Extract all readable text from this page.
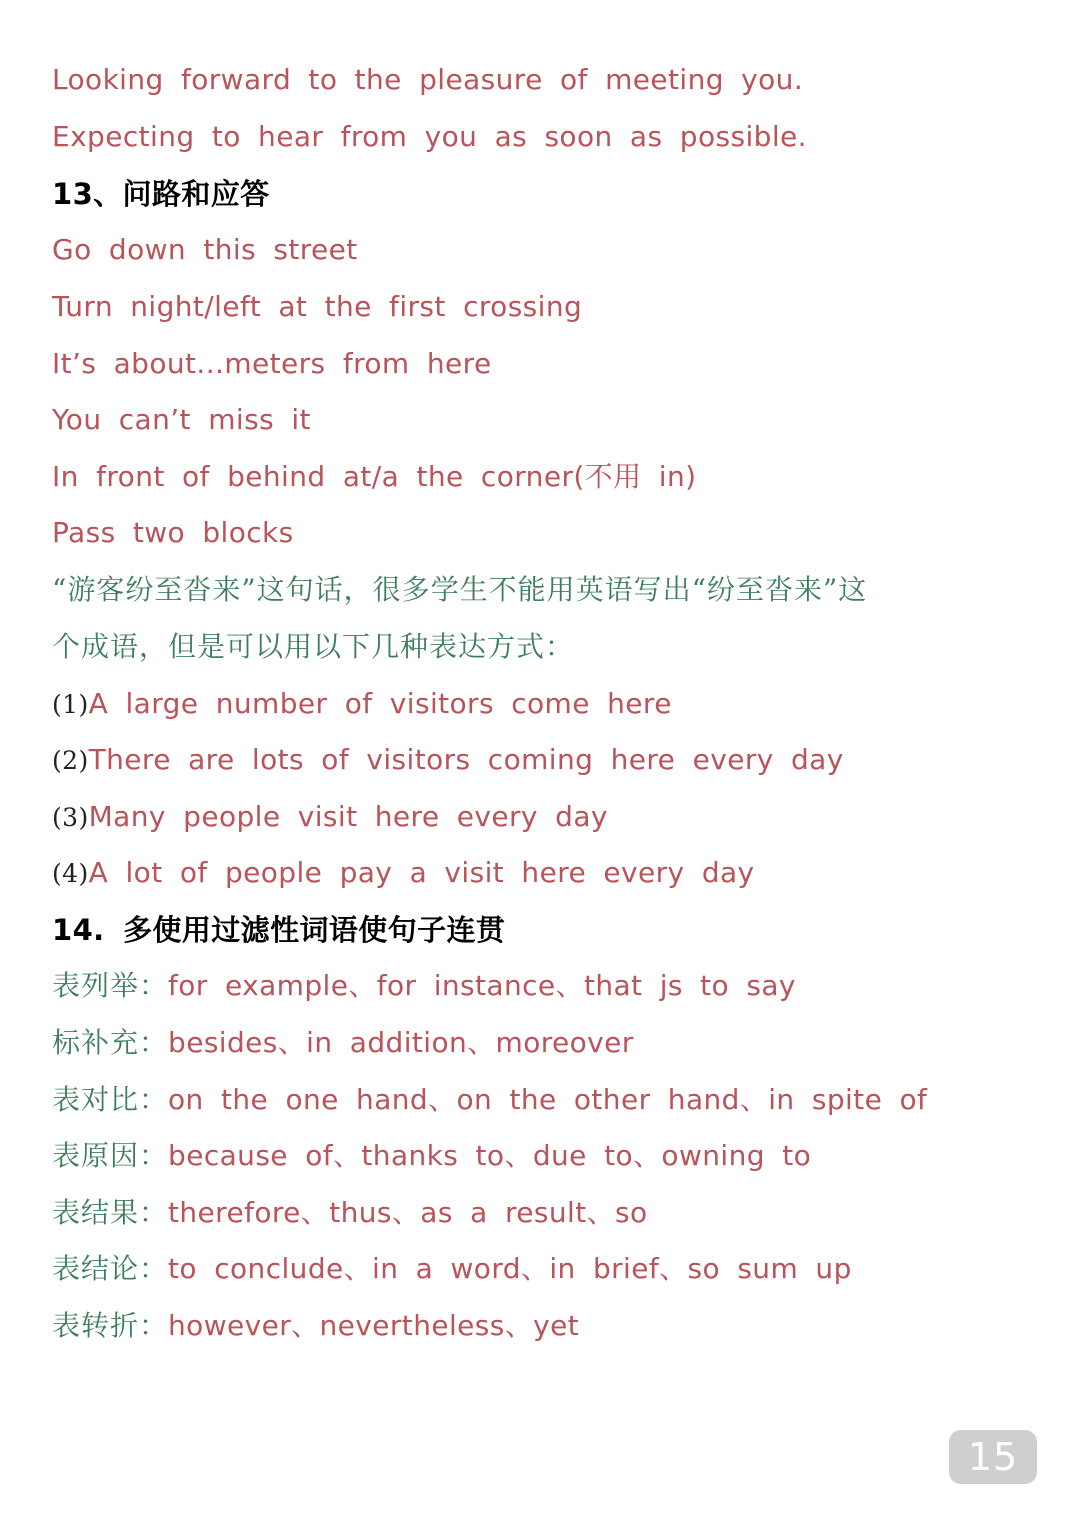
Looking forward to the pleasure of meeting you.
Expecting to hear from you as soon as possible.
13、问路和应答
Go down this street
Turn night/left at the first crossing
It’s about...meters from here
You can’t miss it
In front of behind at/a the corner(不用 in)
Pass two blocks
“游客纷至沓来”这句话，很多学生不能用英语写出“纷至沓来”这
个成语，但是可以用以下几种表达方式：
(1)A large number of visitors come here
(2)There are lots of visitors coming here every day
(3)Many people visit here every day
(4)A lot of people pay a visit here every day
14. 多使用过滤性词语使句子连贯
表列举：for example、for instance、that js to say
标补充：besides、in addition、moreover
表对比：on the one hand、on the other hand、in spite of
表原因：because of、thanks to、due to、owning to
表结果：therefore、thus、as a result、so
表结论：to conclude、in a word、in brief、so sum up
表转折：however、nevertheless、yet
15
